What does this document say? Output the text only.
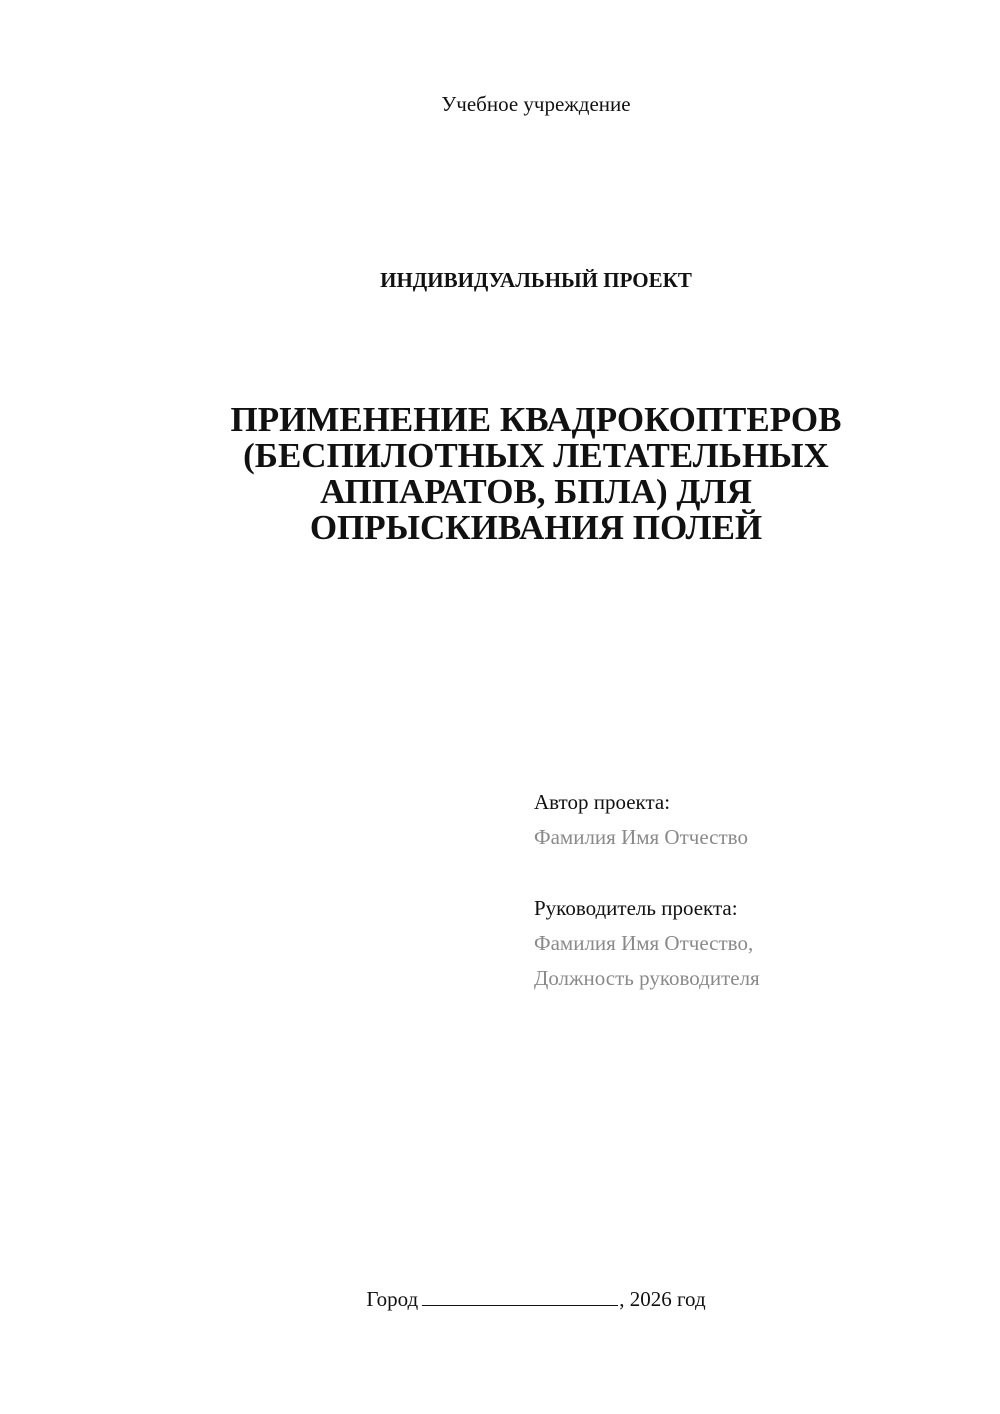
Учебное учреждение
ИНДИВИДУАЛЬНЫЙ ПРОЕКТ
ПРИМЕНЕНИЕ КВАДРОКОПТЕРОВ
(БЕСПИЛОТНЫХ ЛЕТАТЕЛЬНЫХ
АППАРАТОВ, БПЛА) ДЛЯ
ОПРЫСКИВАНИЯ ПОЛЕЙ
Автор проекта:
Фамилия Имя Отчество
Руководитель проекта:
Фамилия Имя Отчество,
Должность руководителя
Город	, 2026 год
